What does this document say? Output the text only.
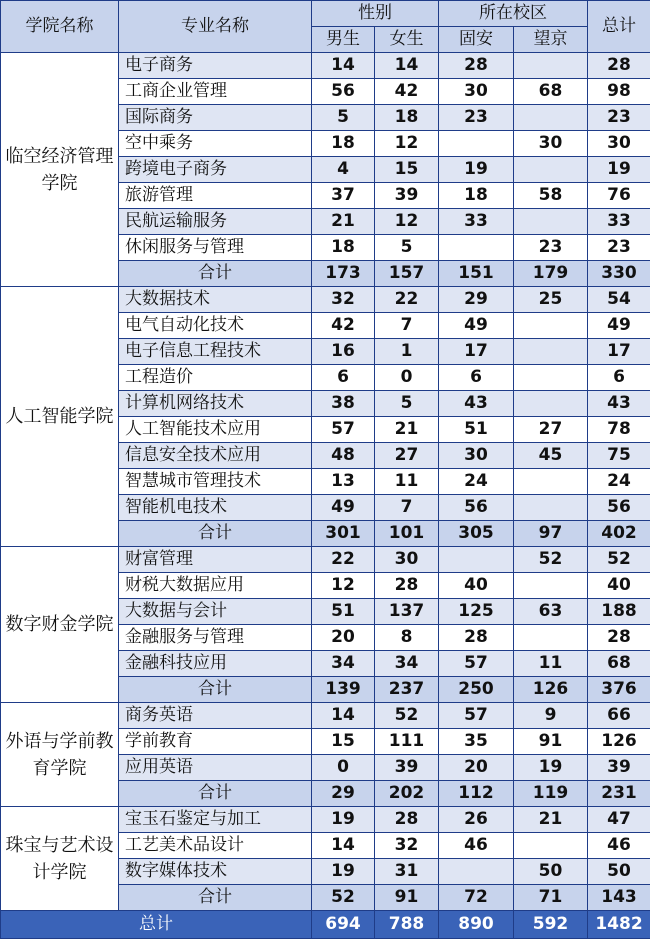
学院名称	专业名称	性别		所在校区		总计
		男生	女生	固安	望京	
临空经济管理学院	电子商务	14	14	28		28
	工商企业管理	56	42	30	68	98
	国际商务	5	18	23		23
	空中乘务	18	12		30	30
	跨境电子商务	4	15	19		19
	旅游管理	37	39	18	58	76
	民航运输服务	21	12	33		33
	休闲服务与管理	18	5		23	23
	合计	173	157	151	179	330
人工智能学院	大数据技术	32	22	29	25	54
	电气自动化技术	42	7	49		49
	电子信息工程技术	16	1	17		17
	工程造价	6	0	6		6
	计算机网络技术	38	5	43		43
	人工智能技术应用	57	21	51	27	78
	信息安全技术应用	48	27	30	45	75
	智慧城市管理技术	13	11	24		24
	智能机电技术	49	7	56		56
	合计	301	101	305	97	402
数字财金学院	财富管理	22	30		52	52
	财税大数据应用	12	28	40		40
	大数据与会计	51	137	125	63	188
	金融服务与管理	20	8	28		28
	金融科技应用	34	34	57	11	68
	合计	139	237	250	126	376
外语与学前教育学院	商务英语	14	52	57	9	66
	学前教育	15	111	35	91	126
	应用英语	0	39	20	19	39
	合计	29	202	112	119	231
珠宝与艺术设计学院	宝玉石鉴定与加工	19	28	26	21	47
	工艺美术品设计	14	32	46		46
	数字媒体技术	19	31		50	50
	合计	52	91	72	71	143
总计		694	788	890	592	1482
